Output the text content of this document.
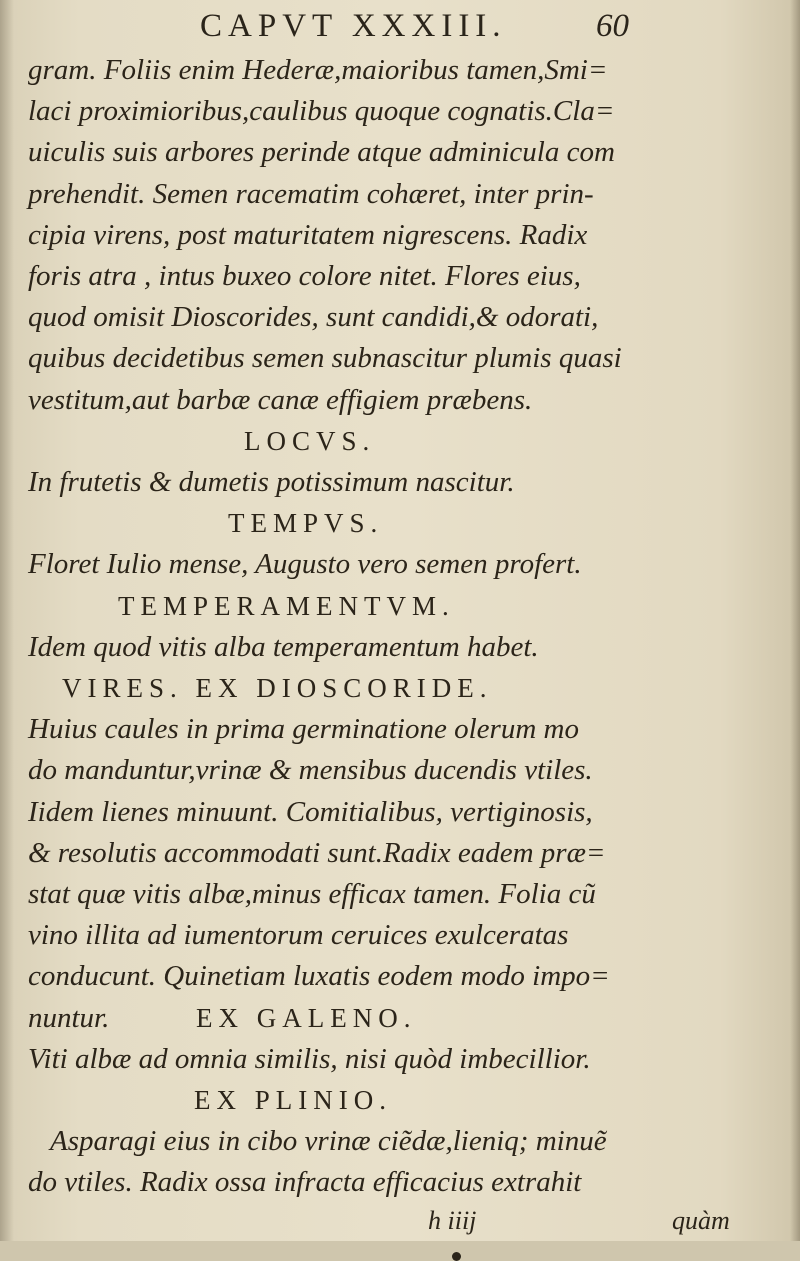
CAPVT XXXIII.	60
gram. Foliis enim Hederæ,maioribus tamen,Smi=
laci proximioribus,caulibus quoque cognatis.Cla=
uiculis suis arbores perinde atque adminicula com
prehendit. Semen racematim cohæret, inter prin-
cipia virens, post maturitatem nigrescens. Radix
foris atra , intus buxeo colore nitet. Flores eius,
quod omisit Dioscorides, sunt candidi,& odorati,
quibus decidetibus semen subnascitur plumis quasi
vestitum,aut barbæ canæ effigiem præbens.
LOCVS.
In frutetis & dumetis potissimum nascitur.
TEMPVS.
Floret Iulio mense, Augusto vero semen profert.
TEMPERAMENTVM.
Idem quod vitis alba temperamentum habet.
VIRES. EX DIOSCORIDE.
Huius caules in prima germinatione olerum mo
do manduntur,vrinæ & mensibus ducendis vtiles.
Iidem lienes minuunt. Comitialibus, vertiginosis,
& resolutis accommodati sunt.Radix eadem præ=
stat quæ vitis albæ,minus efficax tamen. Folia cũ
vino illita ad iumentorum ceruices exulceratas
conducunt. Quinetiam luxatis eodem modo impo=
nuntur.	EX GALENO.
Viti albæ ad omnia similis, nisi quòd imbecillior.
EX PLINIO.
Asparagi eius in cibo vrinæ ciẽdæ,lieniq; minuẽ
do vtiles. Radix ossa infracta efficacius extrahit
h iiij	quàm
